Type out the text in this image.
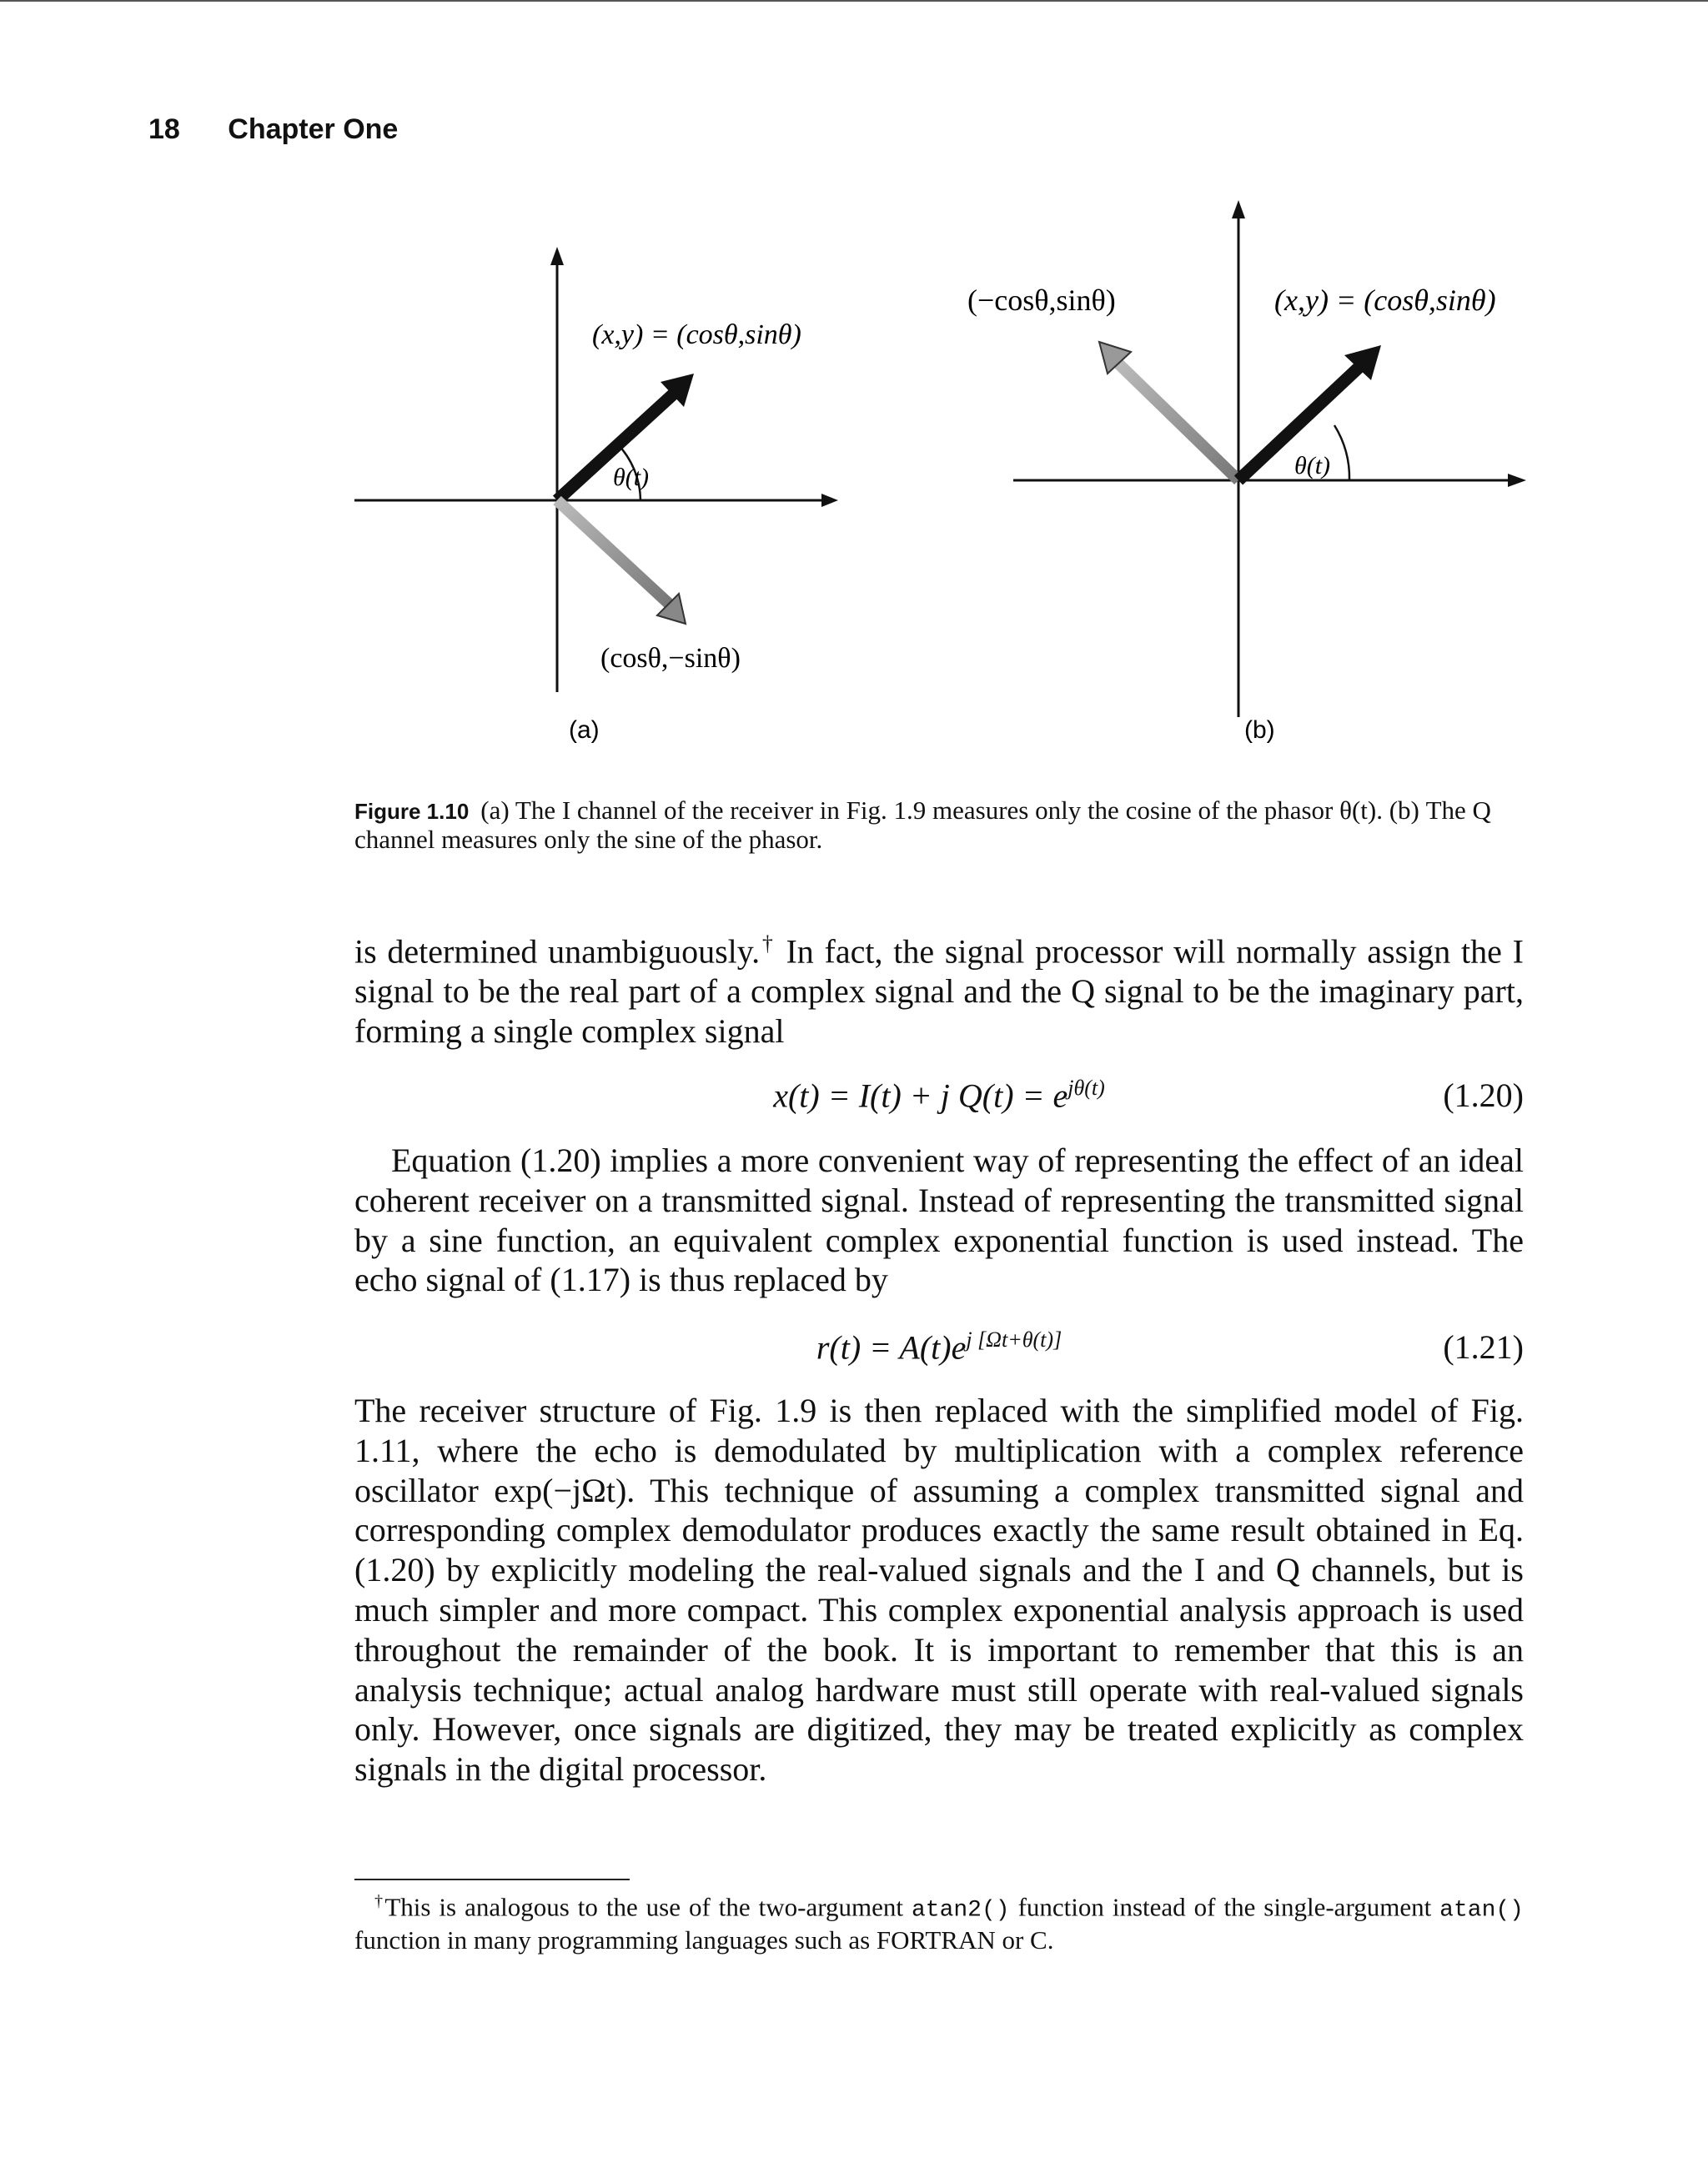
18 Chapter One
θ(t)
(x,y) = (cosθ,sinθ)
(cosθ,−sinθ)
(a)
θ(t)
(−cosθ,sinθ)	(x,y) = (cosθ,sinθ)
(b)
Figure 1.10 (a) The I channel of the receiver in Fig. 1.9 measures only the cosine of the phasor θ(t). (b) The Q channel measures only the sine of the phasor.
is determined unambiguously.† In fact, the signal processor will normally assign the I signal to be the real part of a complex signal and the Q signal to be the imaginary part, forming a single complex signal
x(t) = I(t) + j $Q(t) = e^{j\theta(t)}$	(1.20)
Equation (1.20) implies a more convenient way of representing the effect of an ideal coherent receiver on a transmitted signal. Instead of representing the transmitted signal by a sine function, an equivalent complex exponential function is used instead. The echo signal of (1.17) is thus replaced by
$r(t) = A(t)e^{j [\Omega t+\theta(t)]}$	(1.21)
The receiver structure of Fig. 1.9 is then replaced with the simplified model of Fig. 1.11, where the echo is demodulated by multiplication with a complex reference oscillator exp(−jΩt). This technique of assuming a complex transmitted signal and corresponding complex demodulator produces exactly the same result obtained in Eq. (1.20) by explicitly modeling the real-valued signals and the I and Q channels, but is much simpler and more compact. This complex exponential analysis approach is used throughout the remainder of the book. It is important to remember that this is an analysis technique; actual analog hardware must still operate with real-valued signals only. However, once signals are digitized, they may be treated explicitly as complex signals in the digital processor.
†This is analogous to the use of the two-argument atan2() function instead of the single-argument atan() function in many programming languages such as FORTRAN or C.
